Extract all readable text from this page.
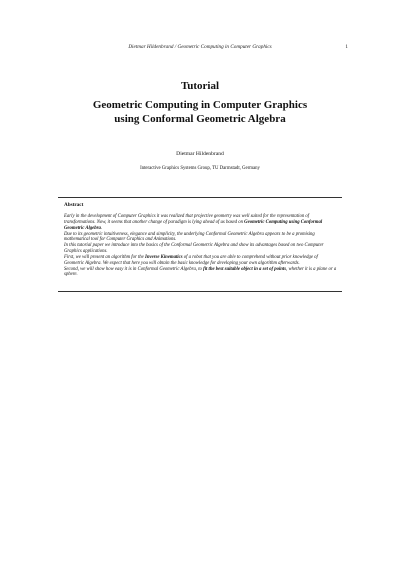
Dietmar Hildenbrand / Geometric Computing in Computer Graphics	1
Tutorial
Geometric Computing in Computer Graphics
using Conformal Geometric Algebra
Dietmar Hildenbrand
Interactive Graphics Systems Group, TU Darmstadt, Germany
Abstract

Early in the development of Computer Graphics it was realized that projective geometry was well suited for the representation of transformations. Now, it seems that another change of paradigm is lying ahead of us based on Geometric Computing using Conformal Geometric Algebra.

Due to its geometric intuitiveness, elegance and simplicity, the underlying Conformal Geometric Algebra appears to be a promising mathematical tool for Computer Graphics and Animations.

In this tutorial paper we introduce into the basics of the Conformal Geometric Algebra and show its advantages based on two Computer Graphics applications.

First, we will present an algorithm for the Inverse Kinematics of a robot that you are able to comprehend without prior knowledge of Geometric Algebra. We expect that here you will obtain the basic knowledge for developing your own algorithm afterwards.

Second, we will show how easy it is in Conformal Geometric Algebra, to fit the best suitable object in a set of points, whether it is a plane or a sphere.
